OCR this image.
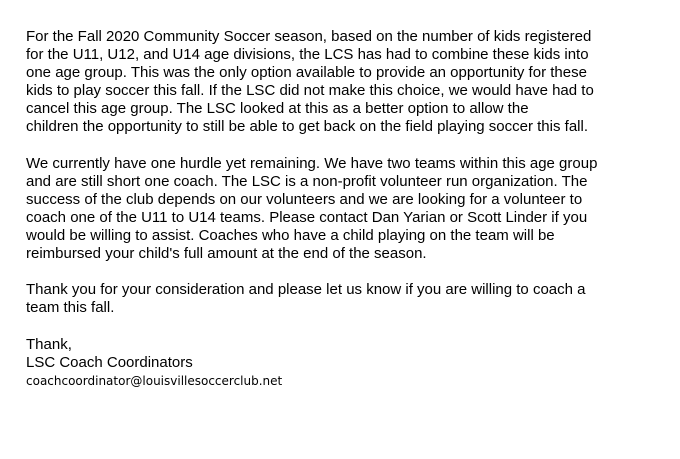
For the Fall 2020 Community Soccer season, based on the number of kids registered
for the U11, U12, and U14 age divisions, the LCS has had to combine these kids into
one age group. This was the only option available to provide an opportunity for these
kids to play soccer this fall. If the LSC did not make this choice, we would have had to
cancel this age group. The LSC looked at this as a better option to allow the
children the opportunity to still be able to get back on the field playing soccer this fall.

We currently have one hurdle yet remaining. We have two teams within this age group
and are still short one coach. The LSC is a non-profit volunteer run organization. The
success of the club depends on our volunteers and we are looking for a volunteer to
coach one of the U11 to U14 teams. Please contact Dan Yarian or Scott Linder if you
would be willing to assist. Coaches who have a child playing on the team will be
reimbursed your child's full amount at the end of the season.

Thank you for your consideration and please let us know if you are willing to coach a
team this fall.

Thank,
LSC Coach Coordinators
coachcoordinator@louisvillesoccerclub.net
